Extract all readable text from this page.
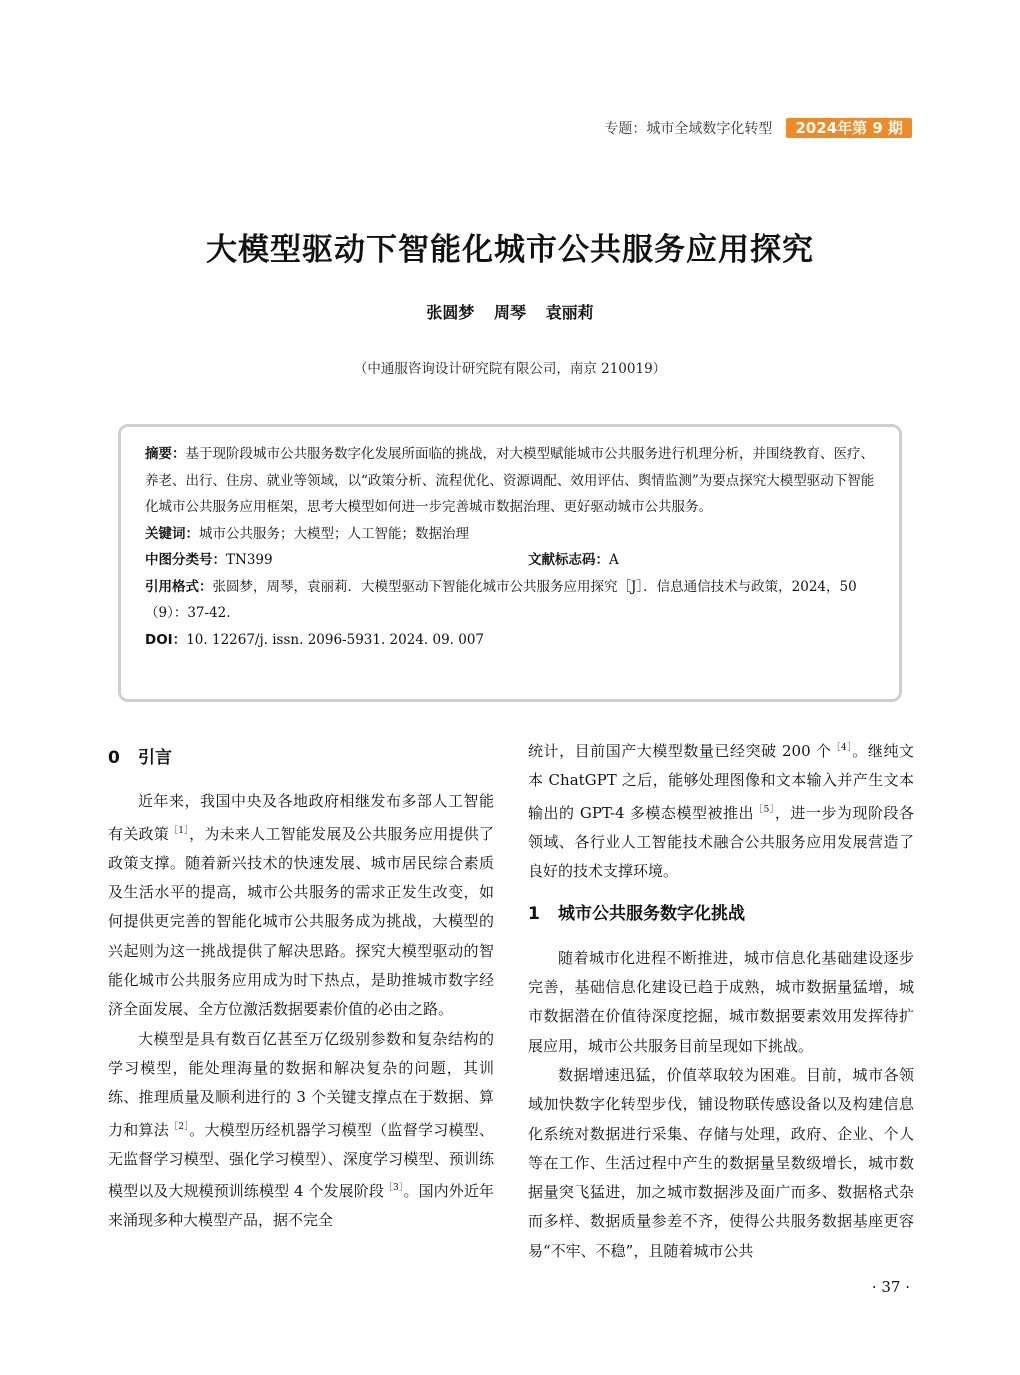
专题：城市全域数字化转型	2024年第 9 期
大模型驱动下智能化城市公共服务应用探究
张圆梦 周琴 袁丽莉
（中通服咨询设计研究院有限公司，南京 210019）

摘要：基于现阶段城市公共服务数字化发展所面临的挑战，对大模型赋能城市公共服务进行机理分析，并围绕教育、医疗、养老、出行、住房、就业等领域，以“政策分析、流程优化、资源调配、效用评估、舆情监测”为要点探究大模型驱动下智能化城市公共服务应用框架，思考大模型如何进一步完善城市数据治理、更好驱动城市公共服务。

关键词：城市公共服务；大模型；人工智能；数据治理

中图分类号：TN399	文献标志码：A

引用格式：张圆梦，周琴，袁丽莉．大模型驱动下智能化城市公共服务应用探究［J］．信息通信技术与政策，2024，50（9）：37-42.

DOI：10. 12267/j. issn. 2096-5931. 2024. 09. 007

0 引言

近年来，我国中央及各地政府相继发布多部人工智能有关政策$^{[1]}$，为未来人工智能发展及公共服务应用提供了政策支撑。随着新兴技术的快速发展、城市居民综合素质及生活水平的提高，城市公共服务的需求正发生改变，如何提供更完善的智能化城市公共服务成为挑战，大模型的兴起则为这一挑战提供了解决思路。探究大模型驱动的智能化城市公共服务应用成为时下热点，是助推城市数字经济全面发展、全方位激活数据要素价值的必由之路。

大模型是具有数百亿甚至万亿级别参数和复杂结构的学习模型，能处理海量的数据和解决复杂的问题，其训练、推理质量及顺利进行的 3 个关键支撑点在于数据、算力和算法$^{[2]}$。大模型历经机器学习模型（监督学习模型、无监督学习模型、强化学习模型）、深度学习模型、预训练模型以及大规模预训练模型 4 个发展阶段$^{[3]}$。国内外近年来涌现多种大模型产品，据不完全

统计，目前国产大模型数量已经突破 200 个$^{[4]}$。继纯文本 ChatGPT 之后，能够处理图像和文本输入并产生文本输出的 GPT-4 多模态模型被推出$^{[5]}$，进一步为现阶段各领域、各行业人工智能技术融合公共服务应用发展营造了良好的技术支撑环境。

1 城市公共服务数字化挑战

随着城市化进程不断推进，城市信息化基础建设逐步完善，基础信息化建设已趋于成熟，城市数据量猛增，城市数据潜在价值待深度挖掘，城市数据要素效用发挥待扩展应用，城市公共服务目前呈现如下挑战。

数据增速迅猛，价值萃取较为困难。目前，城市各领域加快数字化转型步伐，铺设物联传感设备以及构建信息化系统对数据进行采集、存储与处理，政府、企业、个人等在工作、生活过程中产生的数据量呈数级增长，城市数据量突飞猛进，加之城市数据涉及面广而多、数据格式杂而多样、数据质量参差不齐，使得公共服务数据基座更容易“不牢、不稳”，且随着城市公共

· 37 ·
